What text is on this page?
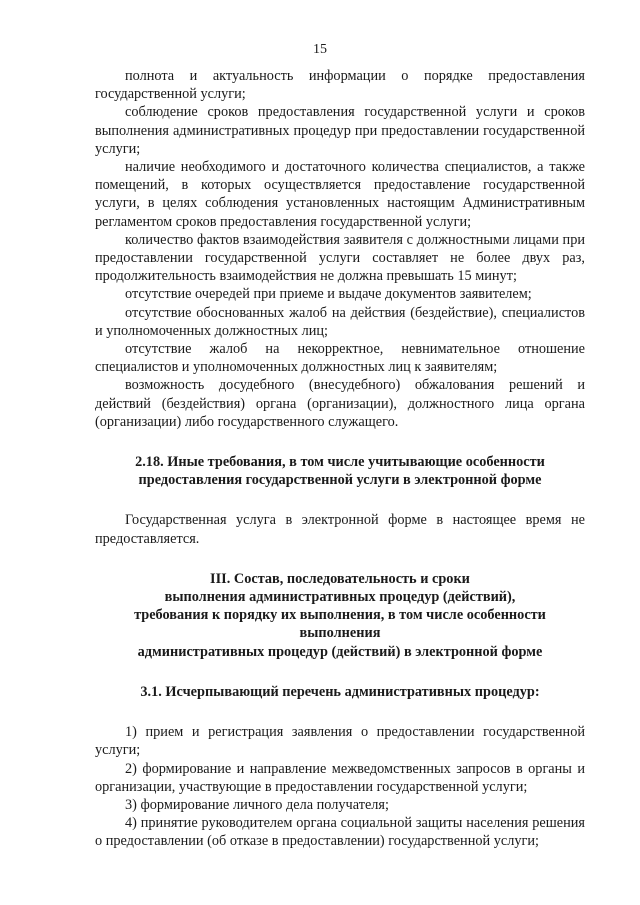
15

полнота и актуальность информации о порядке предоставления государственной услуги;

соблюдение сроков предоставления государственной услуги и сроков выполнения административных процедур при предоставлении государственной услуги;

наличие необходимого и достаточного количества специалистов, а также помещений, в которых осуществляется предоставление государственной услуги, в целях соблюдения установленных настоящим Административным регламентом сроков предоставления государственной услуги;

количество фактов взаимодействия заявителя с должностными лицами при предоставлении государственной услуги составляет не более двух раз, продолжительность взаимодействия не должна превышать 15 минут;

отсутствие очередей при приеме и выдаче документов заявителем;

отсутствие обоснованных жалоб на действия (бездействие), специалистов и уполномоченных должностных лиц;

отсутствие жалоб на некорректное, невнимательное отношение специалистов и уполномоченных должностных лиц к заявителям;

возможность досудебного (внесудебного) обжалования решений и действий (бездействия) органа (организации), должностного лица органа (организации) либо государственного служащего.

2.18. Иные требования, в том числе учитывающие особенности
предоставления государственной услуги в электронной форме

Государственная услуга в электронной форме в настоящее время не предоставляется.

III. Состав, последовательность и сроки
выполнения административных процедур (действий),
требования к порядку их выполнения, в том числе особенности
выполнения
административных процедур (действий) в электронной форме
3.1. Исчерпывающий перечень административных процедур:

1) прием и регистрация заявления о предоставлении государственной услуги;

2) формирование и направление межведомственных запросов в органы и организации, участвующие в предоставлении государственной услуги;

3) формирование личного дела получателя;

4) принятие руководителем органа социальной защиты населения решения о предоставлении (об отказе в предоставлении) государственной услуги;
